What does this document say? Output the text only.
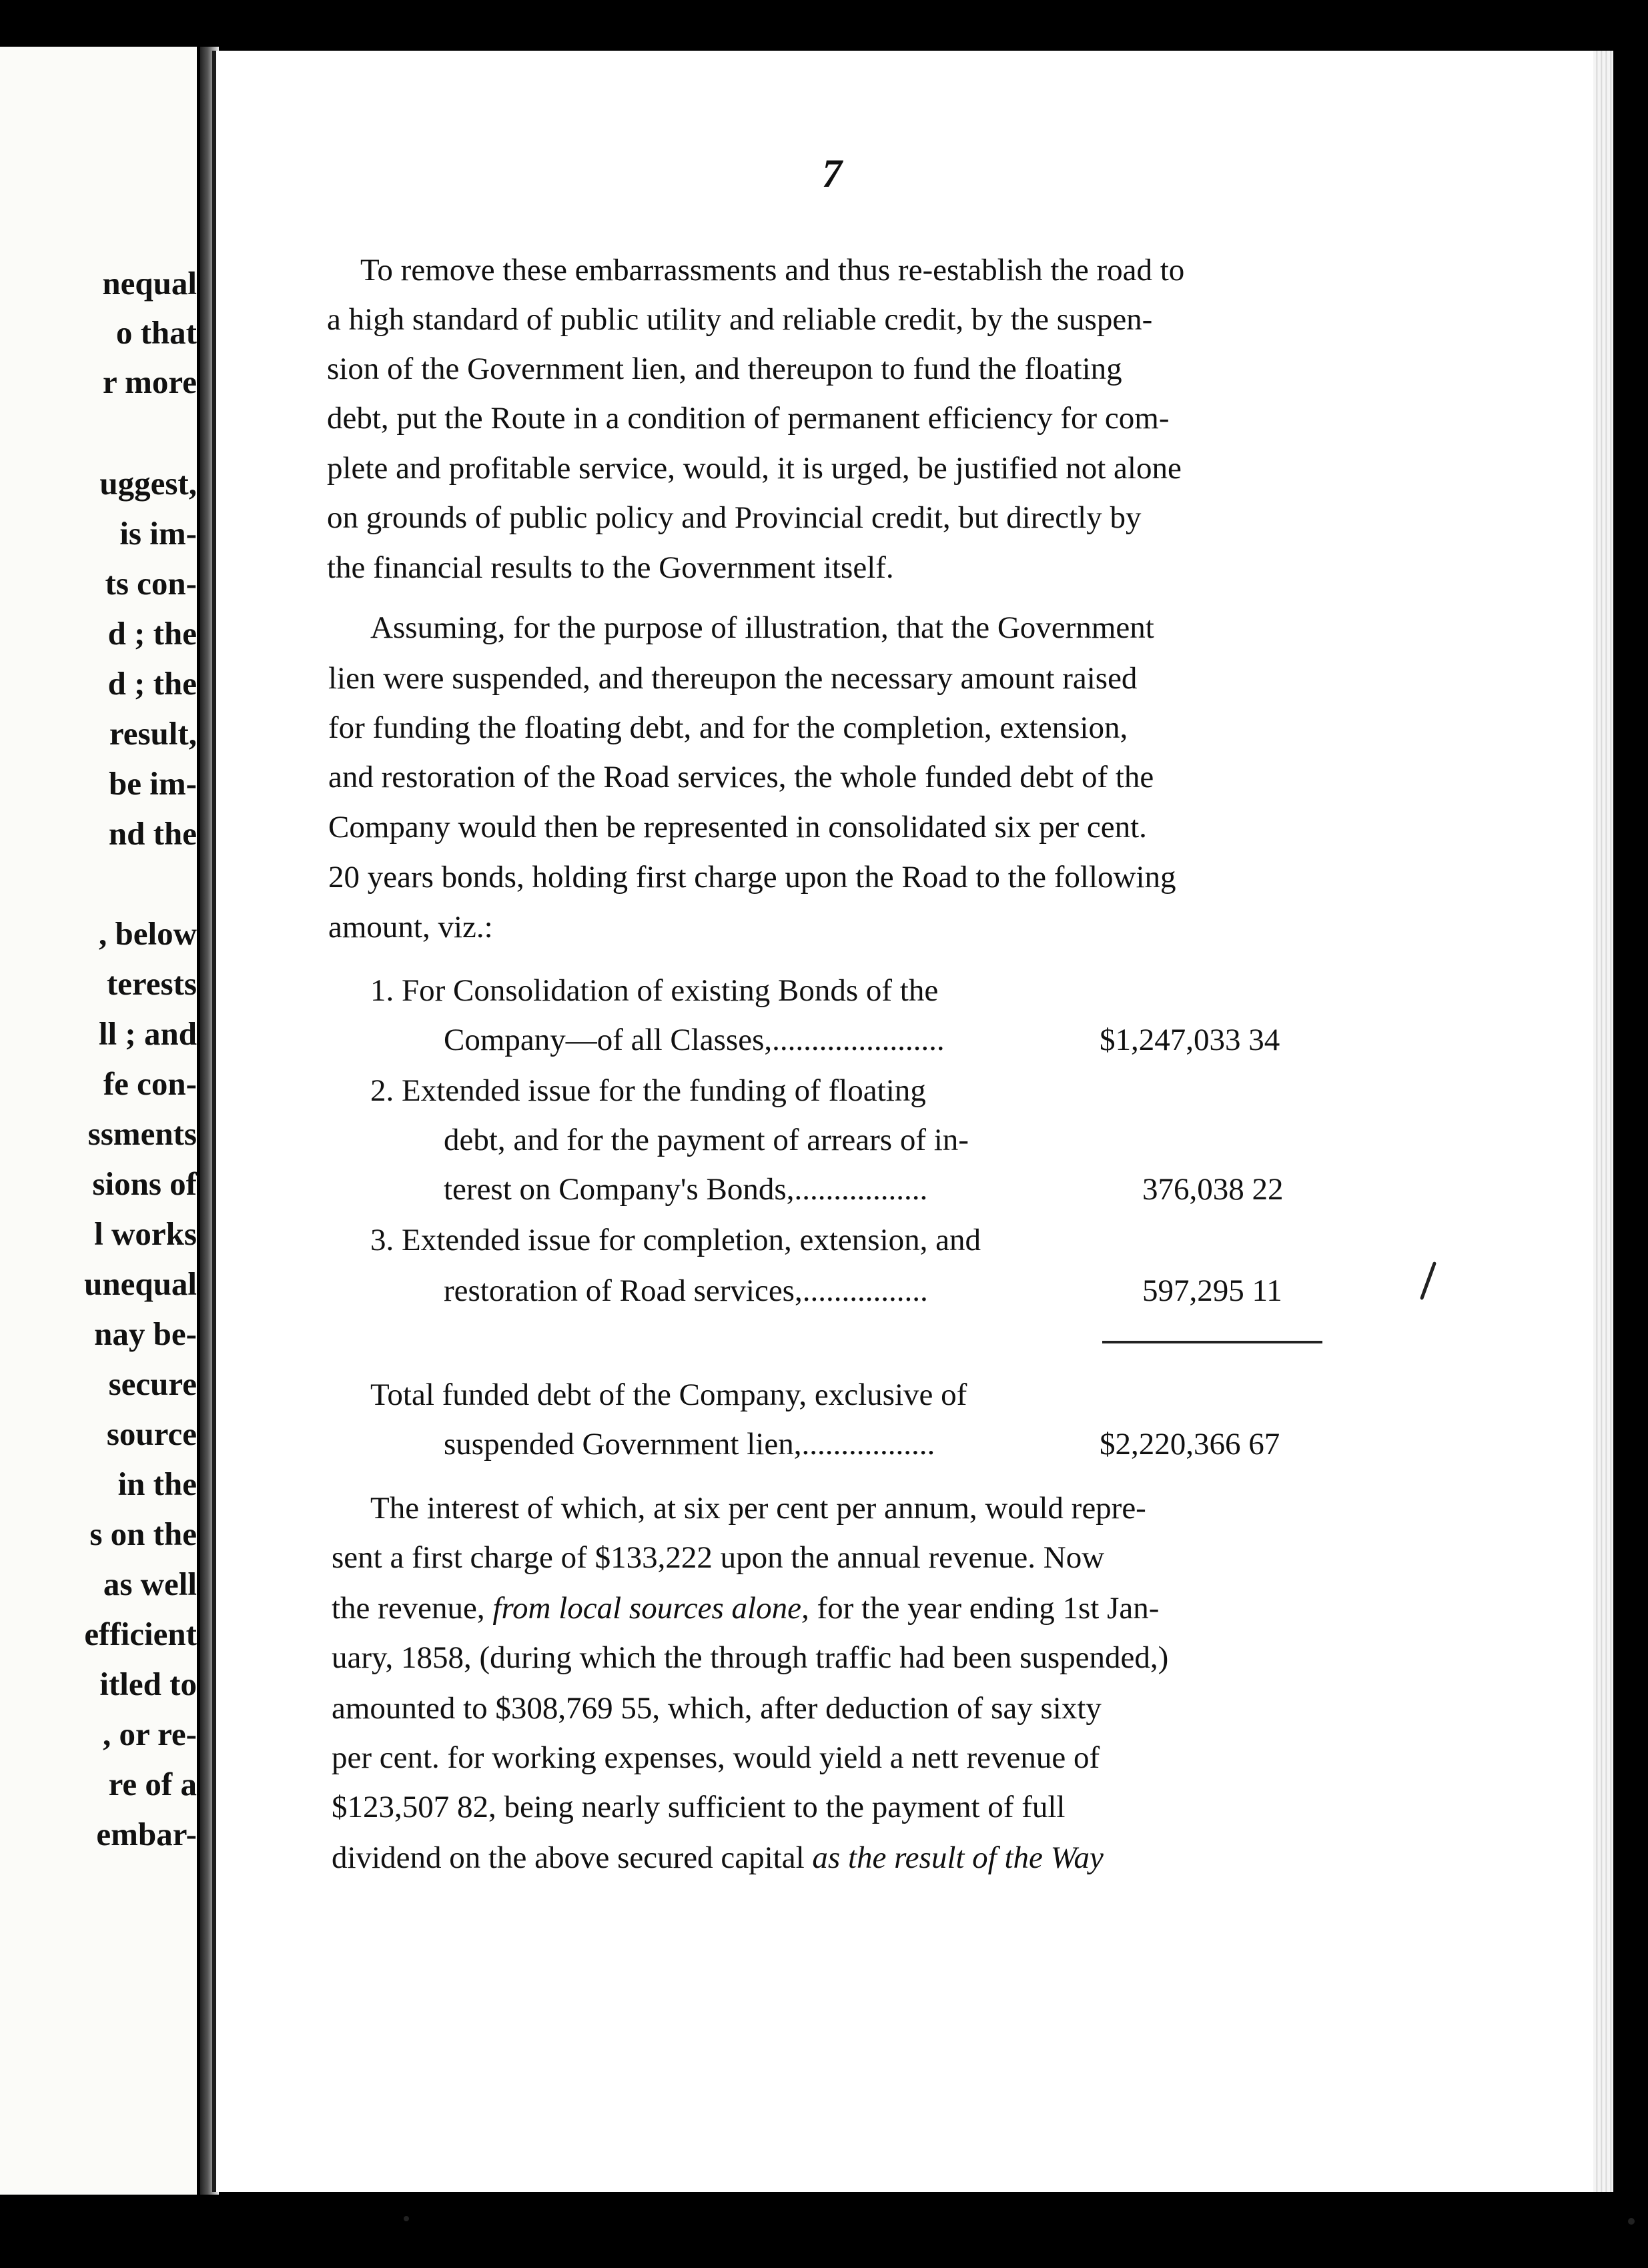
nequal
o that
r more
uggest,
is im-
ts con-
d ; the
d ; the
result,
be im-
nd the
, below
terests
ll ; and
fe con-
ssments
sions of
l works
unequal
nay be-
secure
source
in the
s on the
as well
efficient
itled to
, or re-
re of a
embar-
7
To remove these embarrassments and thus re-establish the road to
a high standard of public utility and reliable credit, by the suspen-
sion of the Government lien, and thereupon to fund the floating
debt, put the Route in a condition of permanent efficiency for com-
plete and profitable service, would, it is urged, be justified not alone
on grounds of public policy and Provincial credit, but directly by
the financial results to the Government itself.
Assuming, for the purpose of illustration, that the Government
lien were suspended, and thereupon the necessary amount raised
for funding the floating debt, and for the completion, extension,
and restoration of the Road services, the whole funded debt of the
Company would then be represented in consolidated six per cent.
20 years bonds, holding first charge upon the Road to the following
amount, viz.:
1. For Consolidation of existing Bonds of the
Company—of all Classes,......................	$1,247,033 34
2. Extended issue for the funding of floating
debt, and for the payment of arrears of in-
terest on Company's Bonds,.................	376,038 22
3. Extended issue for completion, extension, and
restoration of Road services,................	597,295 11
Total funded debt of the Company, exclusive of
suspended Government lien,.................	$2,220,366 67
The interest of which, at six per cent per annum, would repre-
sent a first charge of $133,222 upon the annual revenue. Now
the revenue, from local sources alone, for the year ending 1st Jan-
uary, 1858, (during which the through traffic had been suspended,)
amounted to $308,769 55, which, after deduction of say sixty
per cent. for working expenses, would yield a nett revenue of
$123,507 82, being nearly sufficient to the payment of full
dividend on the above secured capital as the result of the Way
